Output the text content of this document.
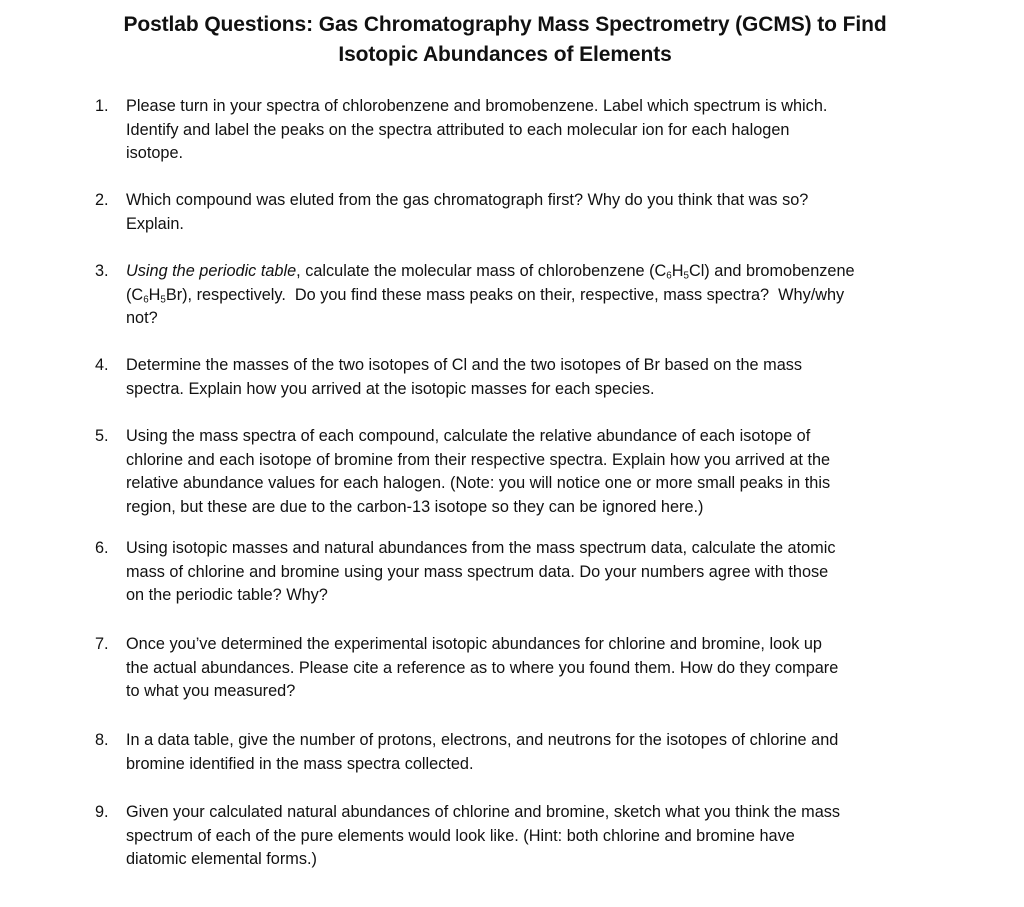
Postlab Questions: Gas Chromatography Mass Spectrometry (GCMS) to Find
Isotopic Abundances of Elements
1. Please turn in your spectra of chlorobenzene and bromobenzene. Label which spectrum is which.
Identify and label the peaks on the spectra attributed to each molecular ion for each halogen
isotope.
2. Which compound was eluted from the gas chromatograph first? Why do you think that was so?
Explain.
3. Using the periodic table, calculate the molecular mass of chlorobenzene $(C_6H_5Cl)$ and bromobenzene
$(C_6H_5Br)$, respectively.  Do you find these mass peaks on their, respective, mass spectra?  Why/why
not?
4. Determine the masses of the two isotopes of Cl and the two isotopes of Br based on the mass
spectra. Explain how you arrived at the isotopic masses for each species.
5. Using the mass spectra of each compound, calculate the relative abundance of each isotope of
chlorine and each isotope of bromine from their respective spectra. Explain how you arrived at the
relative abundance values for each halogen. (Note: you will notice one or more small peaks in this
region, but these are due to the carbon-13 isotope so they can be ignored here.)
6. Using isotopic masses and natural abundances from the mass spectrum data, calculate the atomic
mass of chlorine and bromine using your mass spectrum data. Do your numbers agree with those
on the periodic table? Why?
7. Once you’ve determined the experimental isotopic abundances for chlorine and bromine, look up
the actual abundances. Please cite a reference as to where you found them. How do they compare
to what you measured?
8. In a data table, give the number of protons, electrons, and neutrons for the isotopes of chlorine and
bromine identified in the mass spectra collected.
9. Given your calculated natural abundances of chlorine and bromine, sketch what you think the mass
spectrum of each of the pure elements would look like. (Hint: both chlorine and bromine have
diatomic elemental forms.)
